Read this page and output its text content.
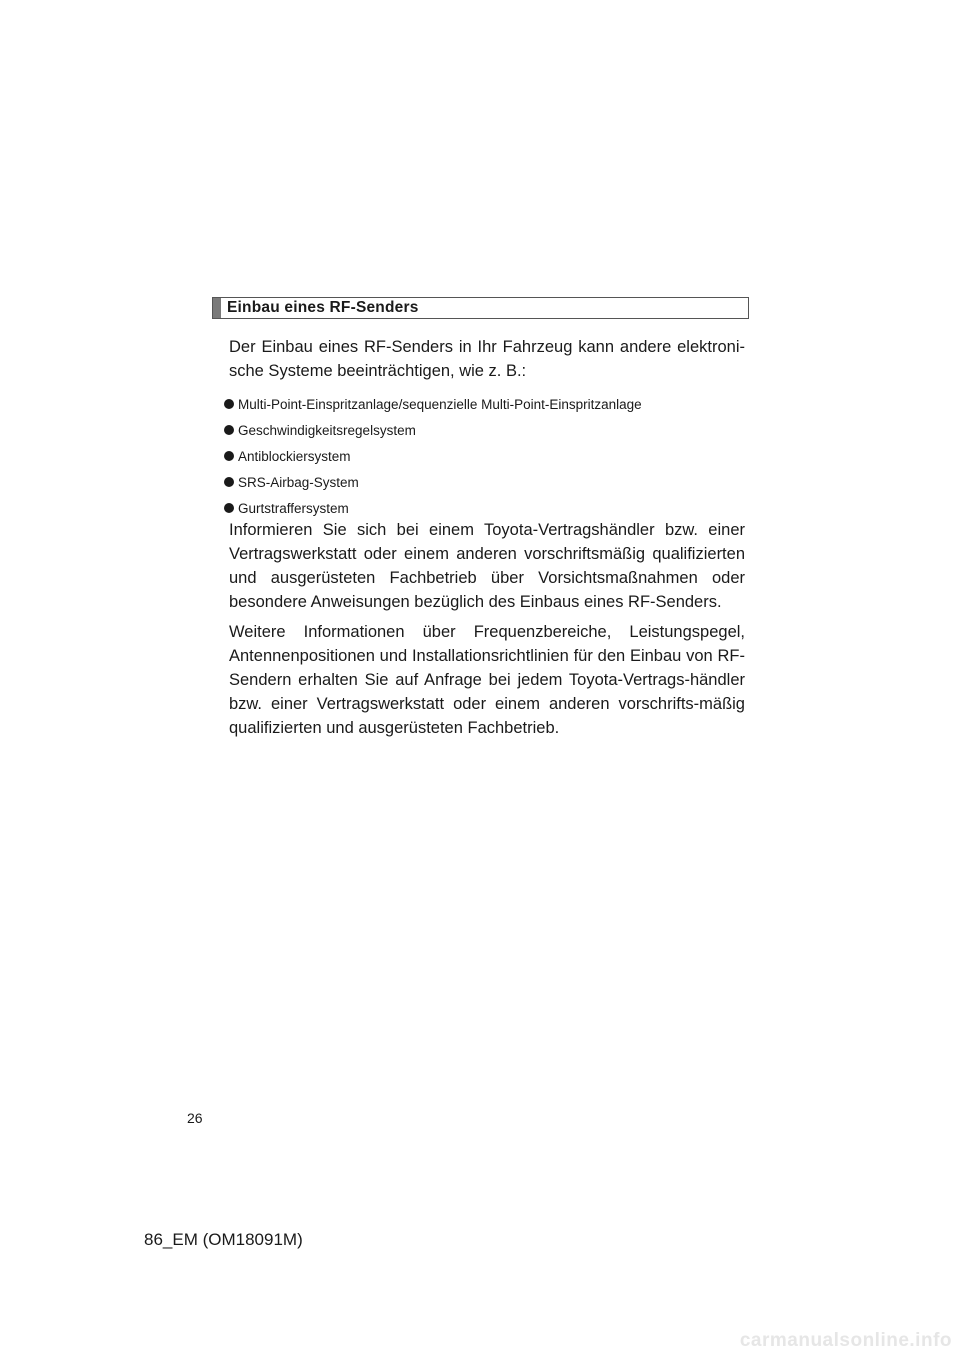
Einbau eines RF-Senders

Der Einbau eines RF-Senders in Ihr Fahrzeug kann andere elektroni-sche Systeme beeinträchtigen, wie z. B.:

Multi-Point-Einspritzanlage/sequenzielle Multi-Point-Einspritzanlage
Geschwindigkeitsregelsystem
Antiblockiersystem
SRS-Airbag-System
Gurtstraffersystem

Informieren Sie sich bei einem Toyota-Vertragshändler bzw. einer Vertragswerkstatt oder einem anderen vorschriftsmäßig qualifizierten und ausgerüsteten Fachbetrieb über Vorsichtsmaßnahmen oder besondere Anweisungen bezüglich des Einbaus eines RF-Senders.

Weitere Informationen über Frequenzbereiche, Leistungspegel, Antennenpositionen und Installationsrichtlinien für den Einbau von RF-Sendern erhalten Sie auf Anfrage bei jedem Toyota-Vertrags-händler bzw. einer Vertragswerkstatt oder einem anderen vorschrifts-mäßig qualifizierten und ausgerüsteten Fachbetrieb.

26
86_EM (OM18091M)
carmanualsonline.info
